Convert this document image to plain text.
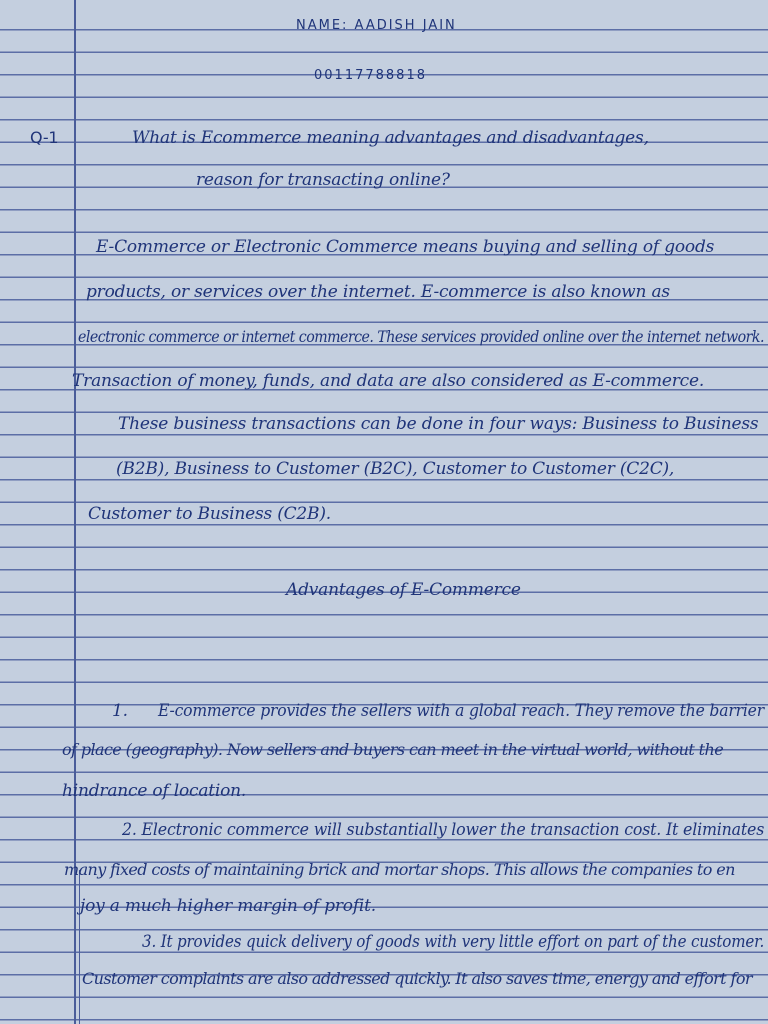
NAME: AADISH JAIN
00117788818
Q-1	What is Ecommerce meaning advantages and disadvantages,
reason for transacting online?
E-Commerce or Electronic Commerce means buying and selling of goods
products, or services over the internet. E-commerce is also known as
electronic commerce or internet commerce. These services provided online over the internet network.
Transaction of money, funds, and data are also considered as E-commerce.
These business transactions can be done in four ways: Business to Business
(B2B), Business to Customer (B2C), Customer to Customer (C2C),
Customer to Business (C2B).
Advantages of E-Commerce
1. E-commerce provides the sellers with a global reach. They remove the barrier
of place (geography). Now sellers and buyers can meet in the virtual world, without the
hindrance of location.
2. Electronic commerce will substantially lower the transaction cost. It eliminates
many fixed costs of maintaining brick and mortar shops. This allows the companies to en
joy a much higher margin of profit.
3. It provides quick delivery of goods with very little effort on part of the customer.
Customer complaints are also addressed quickly. It also saves time, energy and effort for
